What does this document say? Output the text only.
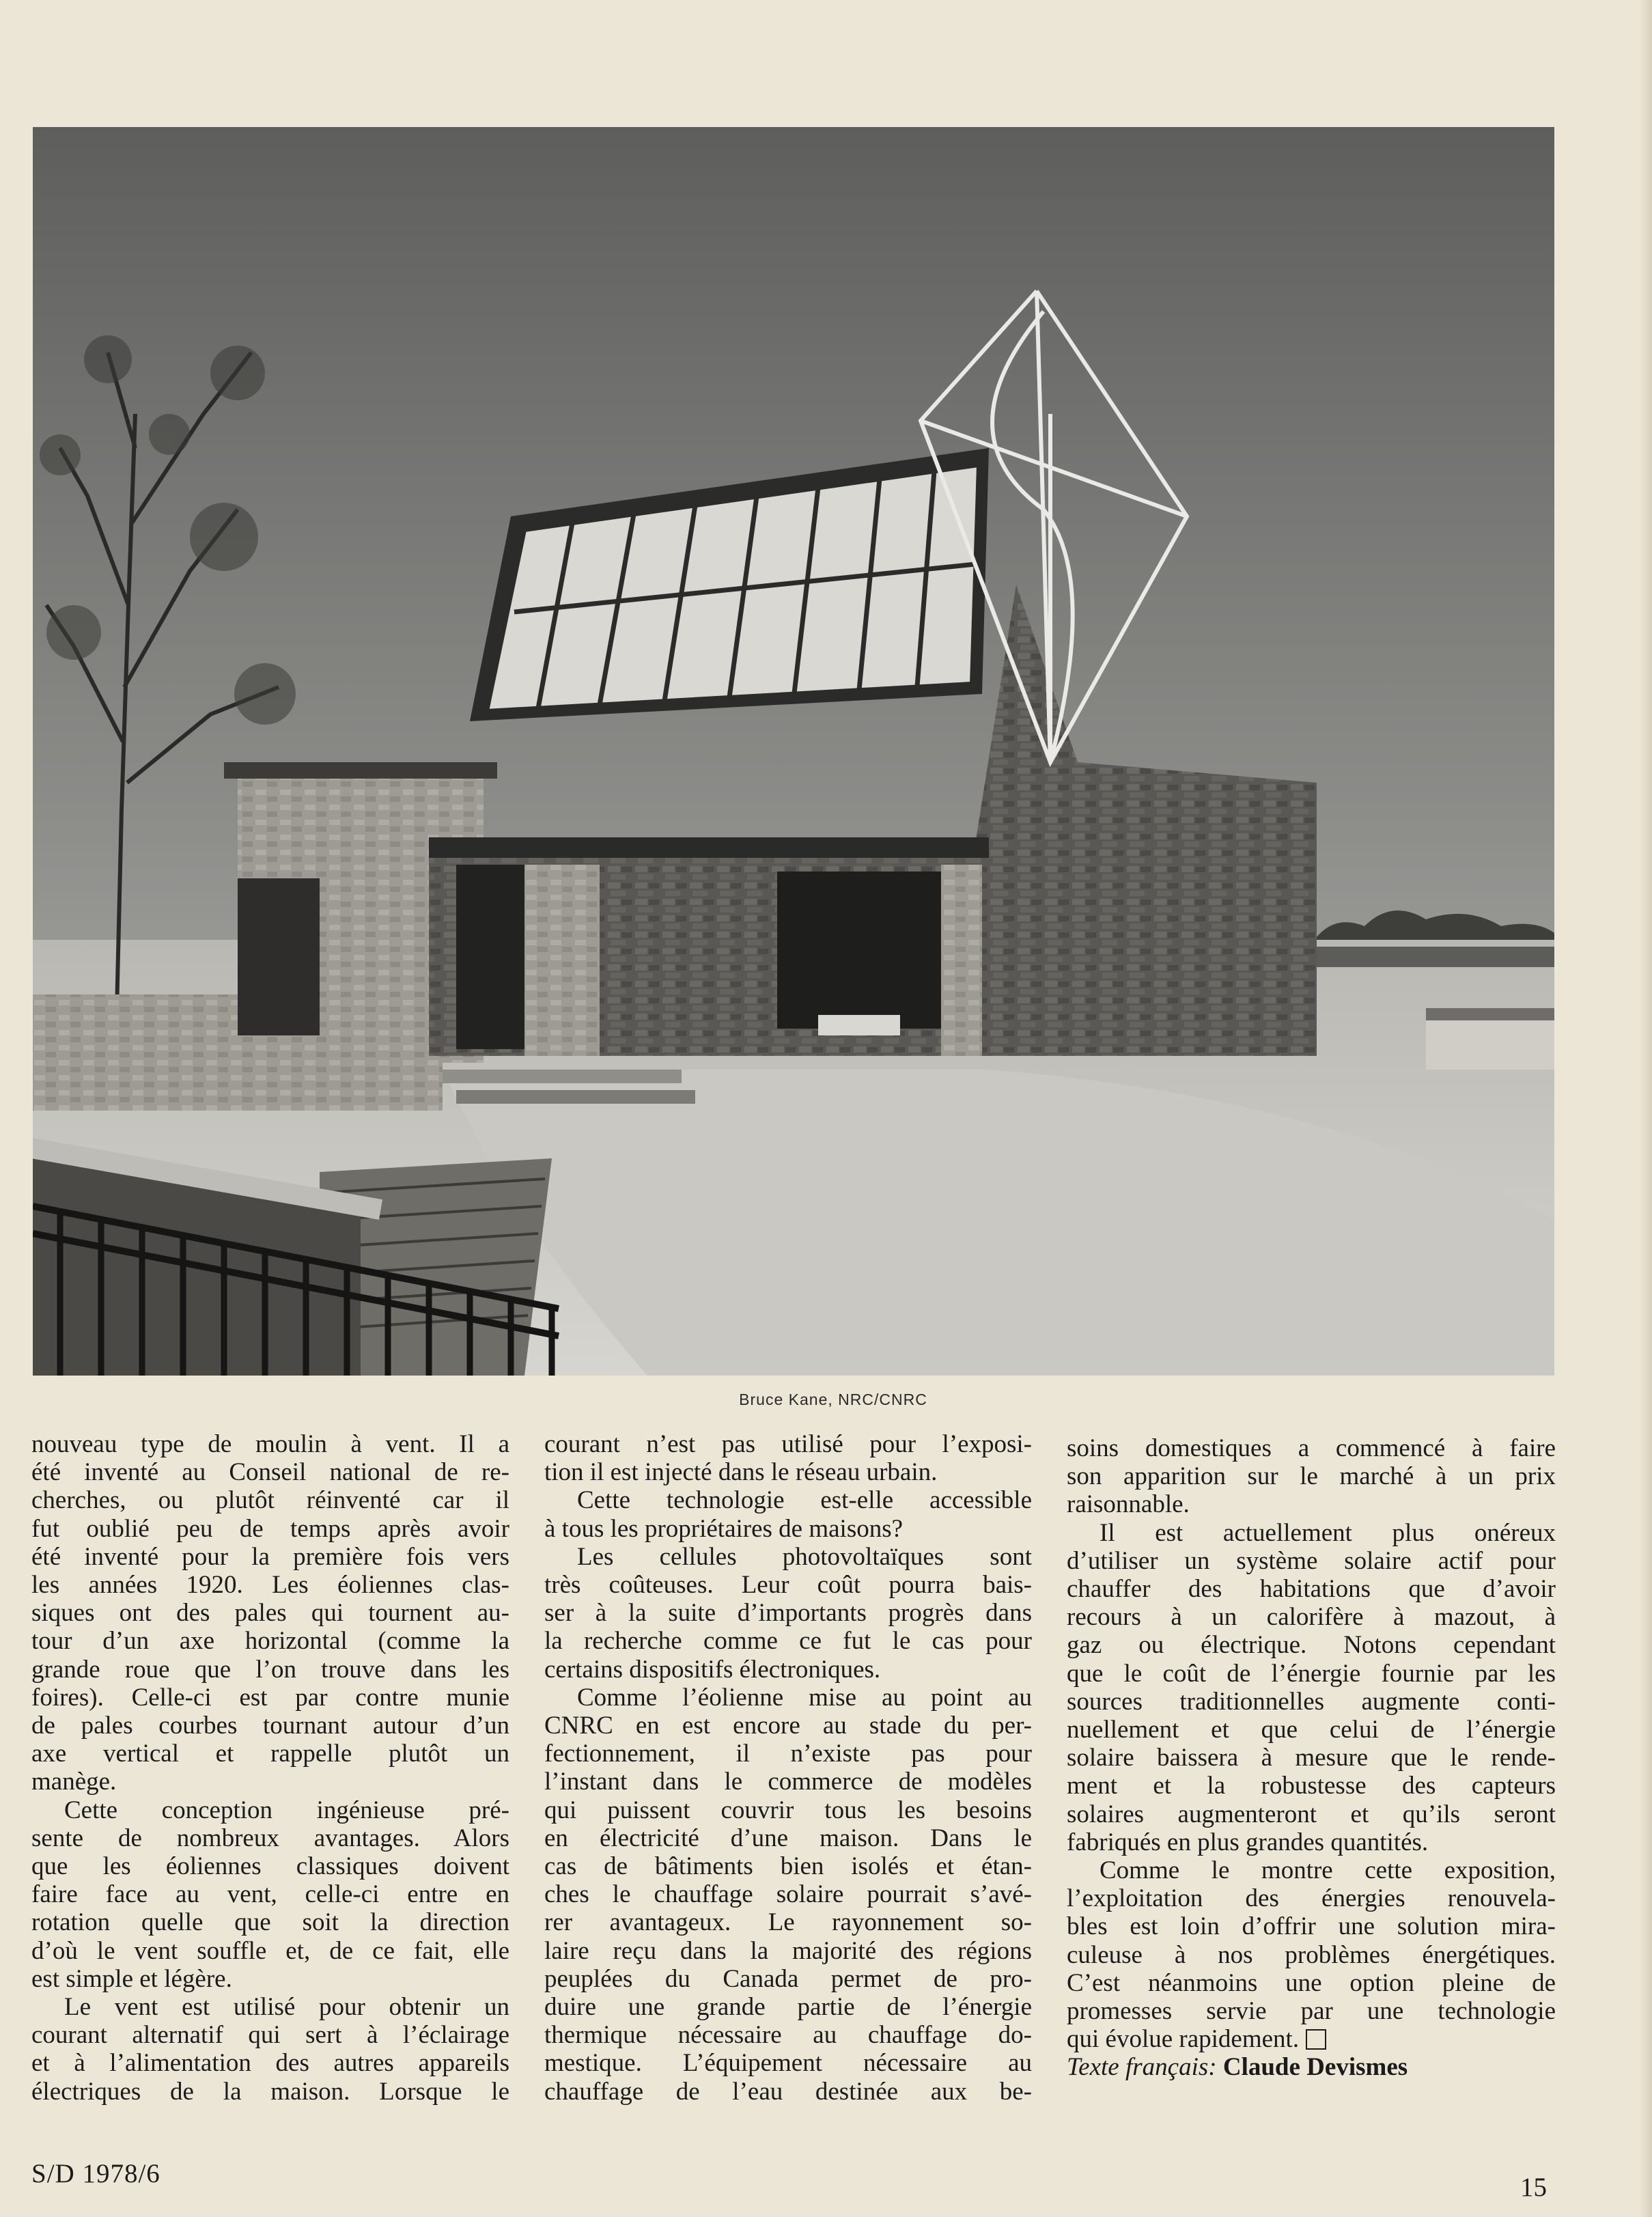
Bruce Kane, NRC/CNRC
nouveau type de moulin à vent. Il a
été inventé au Conseil national de re-
cherches, ou plutôt réinventé car il
fut oublié peu de temps après avoir
été inventé pour la première fois vers
les années 1920. Les éoliennes clas-
siques ont des pales qui tournent au-
tour d’un axe horizontal (comme la
grande roue que l’on trouve dans les
foires). Celle-ci est par contre munie
de pales courbes tournant autour d’un
axe vertical et rappelle plutôt un
manège.
Cette conception ingénieuse pré-
sente de nombreux avantages. Alors
que les éoliennes classiques doivent
faire face au vent, celle-ci entre en
rotation quelle que soit la direction
d’où le vent souffle et, de ce fait, elle
est simple et légère.
Le vent est utilisé pour obtenir un
courant alternatif qui sert à l’éclairage
et à l’alimentation des autres appareils
électriques de la maison. Lorsque le
courant n’est pas utilisé pour l’exposi-
tion il est injecté dans le réseau urbain.
Cette technologie est-elle accessible
à tous les propriétaires de maisons?
Les cellules photovoltaïques sont
très coûteuses. Leur coût pourra bais-
ser à la suite d’importants progrès dans
la recherche comme ce fut le cas pour
certains dispositifs électroniques.
Comme l’éolienne mise au point au
CNRC en est encore au stade du per-
fectionnement, il n’existe pas pour
l’instant dans le commerce de modèles
qui puissent couvrir tous les besoins
en électricité d’une maison. Dans le
cas de bâtiments bien isolés et étan-
ches le chauffage solaire pourrait s’avé-
rer avantageux. Le rayonnement so-
laire reçu dans la majorité des régions
peuplées du Canada permet de pro-
duire une grande partie de l’énergie
thermique nécessaire au chauffage do-
mestique. L’équipement nécessaire au
chauffage de l’eau destinée aux be-
soins domestiques a commencé à faire
son apparition sur le marché à un prix
raisonnable.
Il est actuellement plus onéreux
d’utiliser un système solaire actif pour
chauffer des habitations que d’avoir
recours à un calorifère à mazout, à
gaz ou électrique. Notons cependant
que le coût de l’énergie fournie par les
sources traditionnelles augmente conti-
nuellement et que celui de l’énergie
solaire baissera à mesure que le rende-
ment et la robustesse des capteurs
solaires augmenteront et qu’ils seront
fabriqués en plus grandes quantités.
Comme le montre cette exposition,
l’exploitation des énergies renouvela-
bles est loin d’offrir une solution mira-
culeuse à nos problèmes énergétiques.
C’est néanmoins une option pleine de
promesses servie par une technologie
qui évolue rapidement.
Texte français: Claude Devismes
S/D 1978/6	15
